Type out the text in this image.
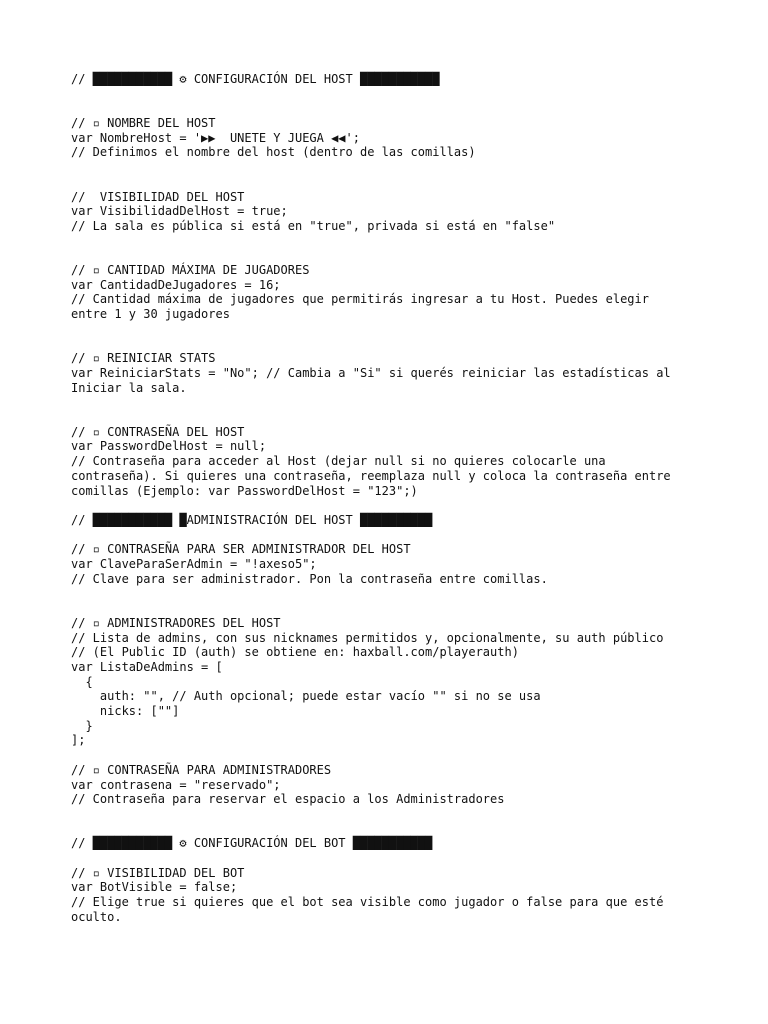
// ███████████ ⚙ CONFIGURACIÓN DEL HOST ███████████
// ▫ NOMBRE DEL HOST
var NombreHost = '▶▶  UNETE Y JUEGA ◀◀';
// Definimos el nombre del host (dentro de las comillas)
//  VISIBILIDAD DEL HOST
var VisibilidadDelHost = true;
// La sala es pública si está en "true", privada si está en "false"
// ▫ CANTIDAD MÁXIMA DE JUGADORES
var CantidadDeJugadores = 16;
// Cantidad máxima de jugadores que permitirás ingresar a tu Host. Puedes elegir
entre 1 y 30 jugadores
// ▫ REINICIAR STATS
var ReiniciarStats = "No"; // Cambia a "Si" si querés reiniciar las estadísticas al
Iniciar la sala.
// ▫ CONTRASEÑA DEL HOST
var PasswordDelHost = null;
// Contraseña para acceder al Host (dejar null si no quieres colocarle una
contraseña). Si quieres una contraseña, reemplaza null y coloca la contraseña entre
comillas (Ejemplo: var PasswordDelHost = "123";)
// ███████████ █ADMINISTRACIÓN DEL HOST ██████████
// ▫ CONTRASEÑA PARA SER ADMINISTRADOR DEL HOST
var ClaveParaSerAdmin = "!axeso5";
// Clave para ser administrador. Pon la contraseña entre comillas.
// ▫ ADMINISTRADORES DEL HOST
// Lista de admins, con sus nicknames permitidos y, opcionalmente, su auth público
// (El Public ID (auth) se obtiene en: haxball.com/playerauth)
var ListaDeAdmins = [
{
auth: "", // Auth opcional; puede estar vacío "" si no se usa
nicks: [""]
}
];
// ▫ CONTRASEÑA PARA ADMINISTRADORES
var contrasena = "reservado";
// Contraseña para reservar el espacio a los Administradores
// ███████████ ⚙ CONFIGURACIÓN DEL BOT ███████████
// ▫ VISIBILIDAD DEL BOT
var BotVisible = false;
// Elige true si quieres que el bot sea visible como jugador o false para que esté
oculto.
